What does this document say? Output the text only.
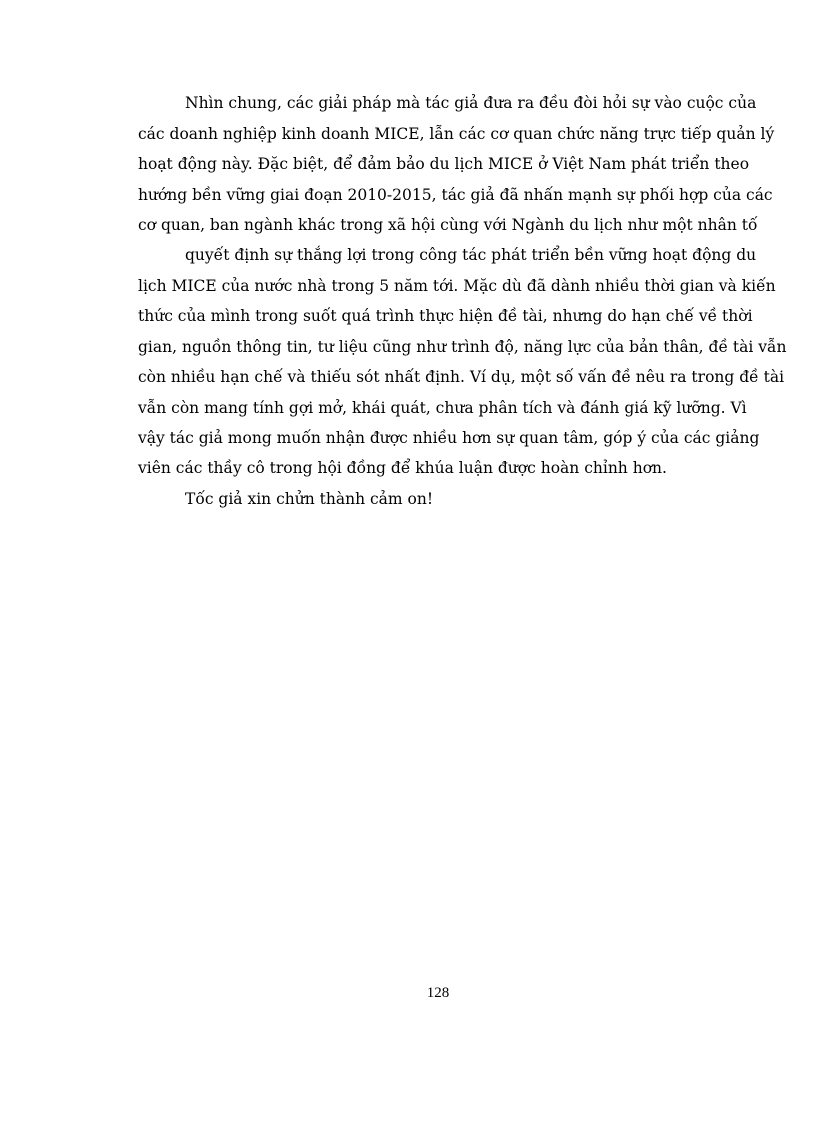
Nhìn chung, các giải pháp mà tác giả đưa ra đều đòi hỏi sự vào cuộc của

các doanh nghiệp kinh doanh MICE, lẫn các cơ quan chức năng trực tiếp quản lý

hoạt động này. Đặc biệt, để đảm bảo du lịch MICE ở Việt Nam phát triển theo

hướng bền vững giai đoạn 2010-2015, tác giả đã nhấn mạnh sự phối hợp của các

cơ quan, ban ngành khác trong xã hội cùng với Ngành du lịch như một nhân tố

quyết định sự thắng lợi trong công tác phát triển bền vững hoạt động du

lịch MICE của nước nhà trong 5 năm tới. Mặc dù đã dành nhiều thời gian và kiến

thức của mình trong suốt quá trình thực hiện đề tài, nhưng do hạn chế về thời

gian, nguồn thông tin, tư liệu cũng như trình độ, năng lực của bản thân, đề tài vẫn

còn nhiều hạn chế và thiếu sót nhất định. Ví dụ, một số vấn đề nêu ra trong đề tài

vẫn còn mang tính gợi mở, khái quát, chưa phân tích và đánh giá kỹ lưỡng. Vì

vậy tác giả mong muốn nhận được nhiều hơn sự quan tâm, góp ý của các giảng

viên các thầy cô trong hội đồng để khúa luận được hoàn chỉnh hơn.

Tốc giả xin chửn thành cảm on!

128
